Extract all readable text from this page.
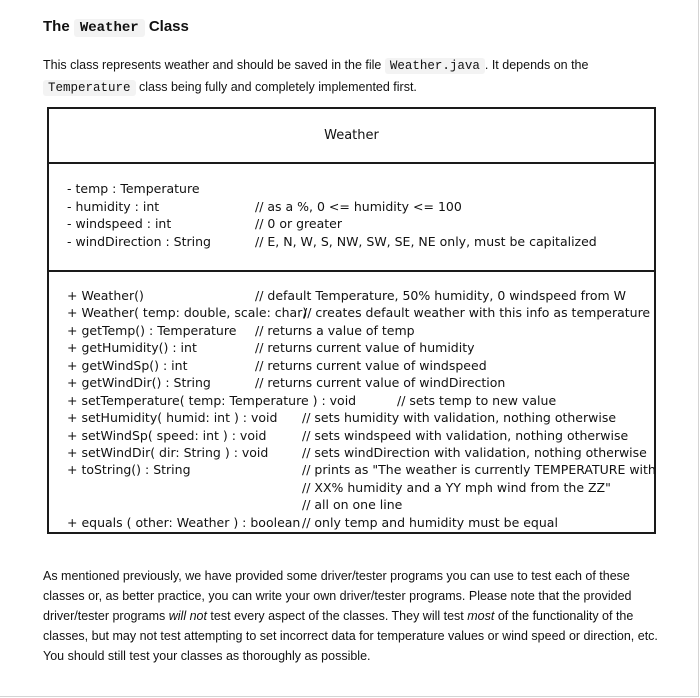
The Weather Class

This class represents weather and should be saved in the file Weather.java . It depends on the
Temperature class being fully and completely implemented first.

Weather
- temp : Temperature
- humidity : int	// as a %, 0 <= humidity <= 100
- windspeed : int	// 0 or greater
- windDirection : String	// E, N, W, S, NW, SW, SE, NE only, must be capitalized
+ Weather()	// default Temperature, 50% humidity, 0 windspeed from W
+ Weather( temp: double, scale: char)
// creates default weather with this info as temperature
+ getTemp() : Temperature // returns a value of temp
+ getHumidity() : int	// returns current value of humidity
+ getWindSp() : int	// returns current value of windspeed
+ getWindDir() : String	// returns current value of windDirection
+ setTemperature( temp: Temperature ) : void	// sets temp to new value
+ setHumidity( humid: int ) : void // sets humidity with validation, nothing otherwise
+ setWindSp( speed: int ) : void	// sets windspeed with validation, nothing otherwise
+ setWindDir( dir: String ) : void	// sets windDirection with validation, nothing otherwise
+ toString() : String	// prints as "The weather is currently TEMPERATURE with
// XX% humidity and a YY mph wind from the ZZ"
// all on one line
+ equals ( other: Weather ) : boolean // only temp and humidity must be equal

As mentioned previously, we have provided some driver/tester programs you can use to test each of these classes or, as better practice, you can write your own driver/tester programs. Please note that the provided driver/tester programs will not test every aspect of the classes. They will test most of the functionality of the classes, but may not test attempting to set incorrect data for temperature values or wind speed or direction, etc. You should still test your classes as thoroughly as possible.
